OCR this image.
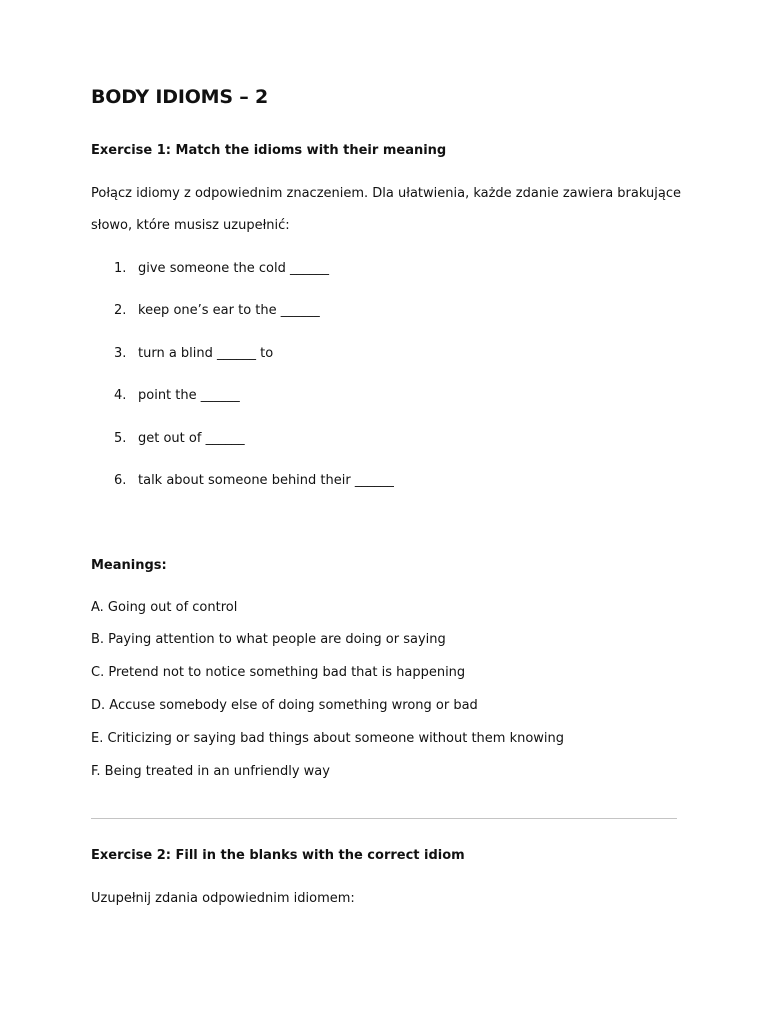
BODY IDIOMS – 2
Exercise 1: Match the idioms with their meaning
Połącz idiomy z odpowiednim znaczeniem. Dla ułatwienia, każde zdanie zawiera brakujące
słowo, które musisz uzupełnić:
1. give someone the cold ______
2. keep one’s ear to the ______
3. turn a blind ______ to
4. point the ______
5. get out of ______
6. talk about someone behind their ______
Meanings:
A. Going out of control
B. Paying attention to what people are doing or saying
C. Pretend not to notice something bad that is happening
D. Accuse somebody else of doing something wrong or bad
E. Criticizing or saying bad things about someone without them knowing
F. Being treated in an unfriendly way
Exercise 2: Fill in the blanks with the correct idiom
Uzupełnij zdania odpowiednim idiomem:
